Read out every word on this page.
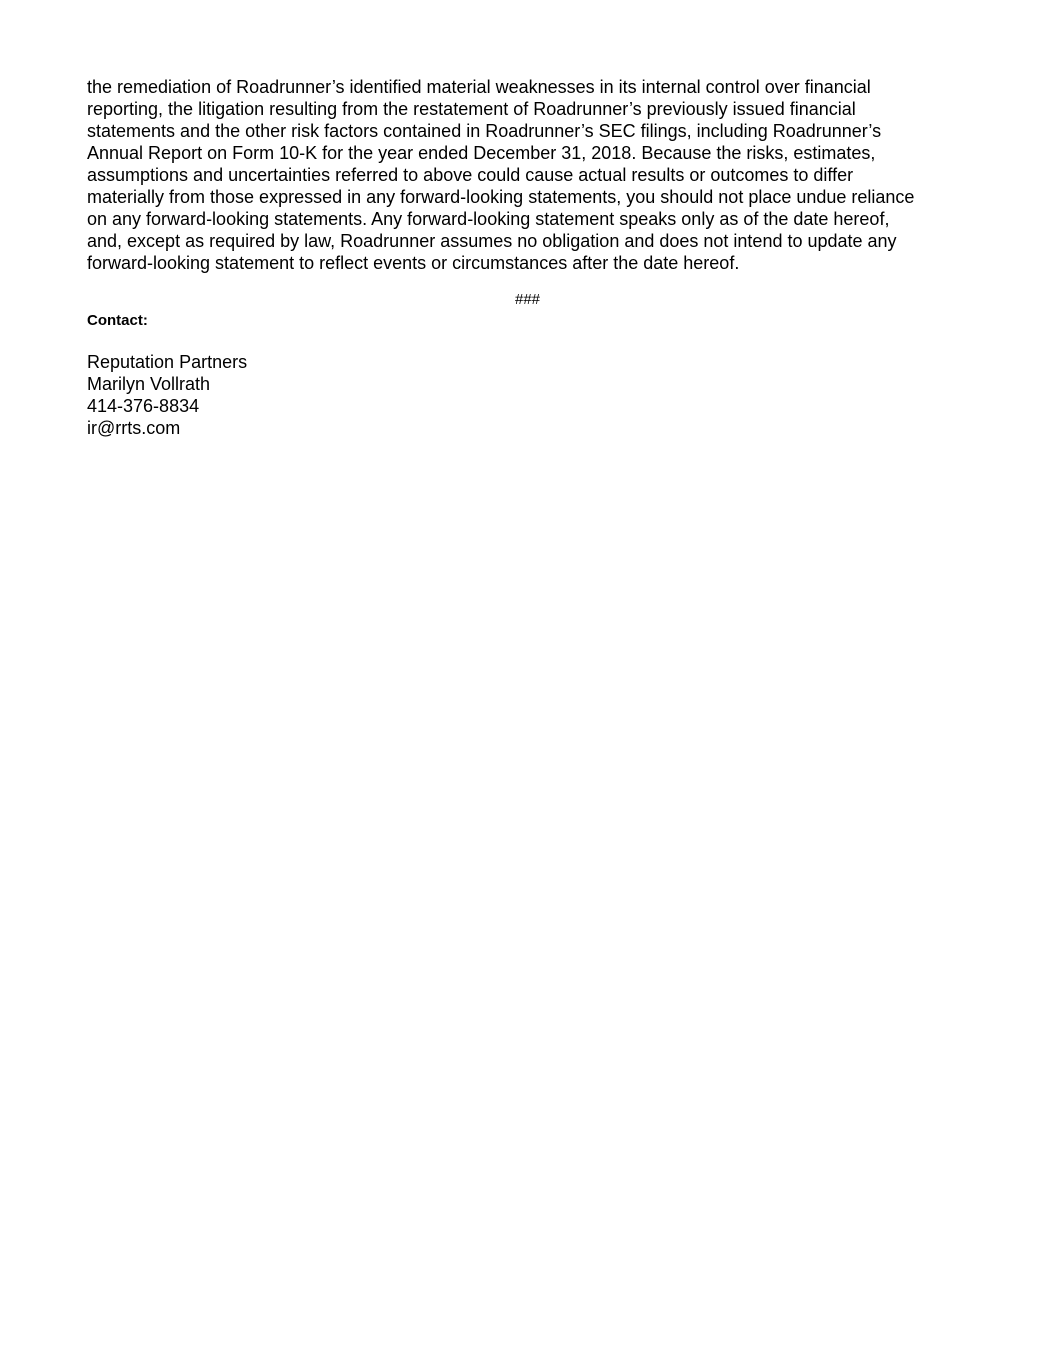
the remediation of Roadrunner’s identified material weaknesses in its internal control over financial
reporting, the litigation resulting from the restatement of Roadrunner’s previously issued financial
statements and the other risk factors contained in Roadrunner’s SEC filings, including Roadrunner’s
Annual Report on Form 10-K for the year ended December 31, 2018. Because the risks, estimates,
assumptions and uncertainties referred to above could cause actual results or outcomes to differ
materially from those expressed in any forward-looking statements, you should not place undue reliance
on any forward-looking statements. Any forward-looking statement speaks only as of the date hereof,
and, except as required by law, Roadrunner assumes no obligation and does not intend to update any
forward-looking statement to reflect events or circumstances after the date hereof.

###
Contact:
Reputation Partners
Marilyn Vollrath
414-376-8834
ir@rrts.com
